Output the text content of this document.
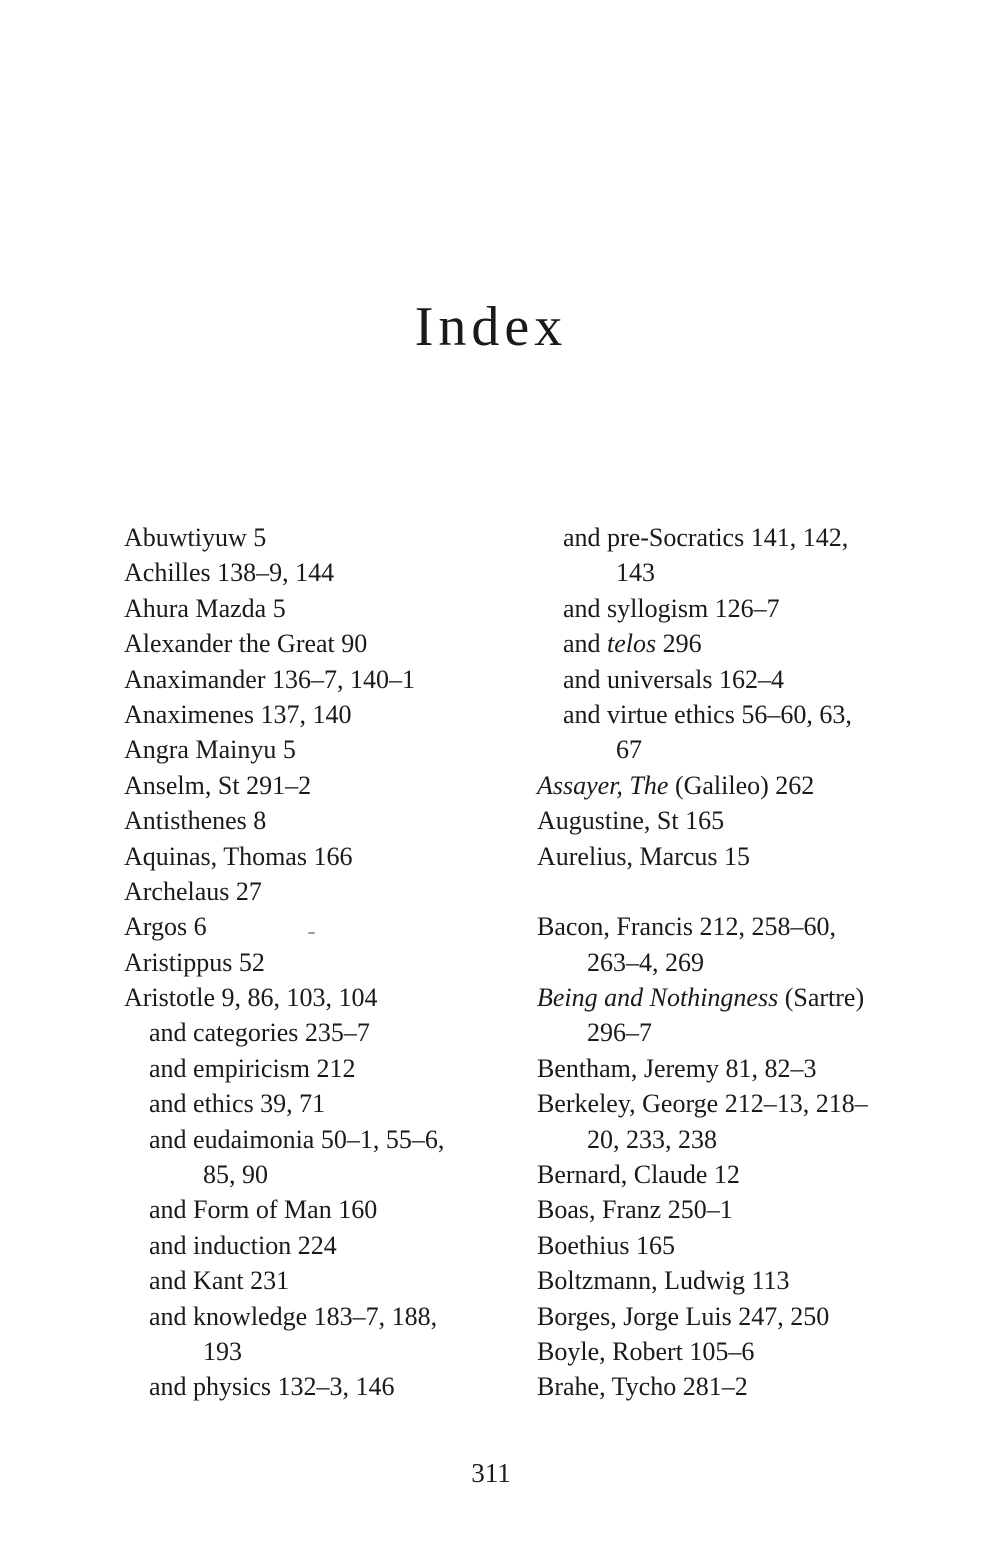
Index
Abuwtiyuw 5
Achilles 138–9, 144
Ahura Mazda 5
Alexander the Great 90
Anaximander 136–7, 140–1
Anaximenes 137, 140
Angra Mainyu 5
Anselm, St 291–2
Antisthenes 8
Aquinas, Thomas 166
Archelaus 27
Argos 6
Aristippus 52
Aristotle 9, 86, 103, 104
and categories 235–7
and empiricism 212
and ethics 39, 71
and eudaimonia 50–1, 55–6,
85, 90
and Form of Man 160
and induction 224
and Kant 231
and knowledge 183–7, 188,
193
and physics 132–3, 146
and pre-Socratics 141, 142,
143
and syllogism 126–7
and telos 296
and universals 162–4
and virtue ethics 56–60, 63,
67
Assayer, The (Galileo) 262
Augustine, St 165
Aurelius, Marcus 15
Bacon, Francis 212, 258–60,
263–4, 269
Being and Nothingness (Sartre)
296–7
Bentham, Jeremy 81, 82–3
Berkeley, George 212–13, 218–
20, 233, 238
Bernard, Claude 12
Boas, Franz 250–1
Boethius 165
Boltzmann, Ludwig 113
Borges, Jorge Luis 247, 250
Boyle, Robert 105–6
Brahe, Tycho 281–2
311
